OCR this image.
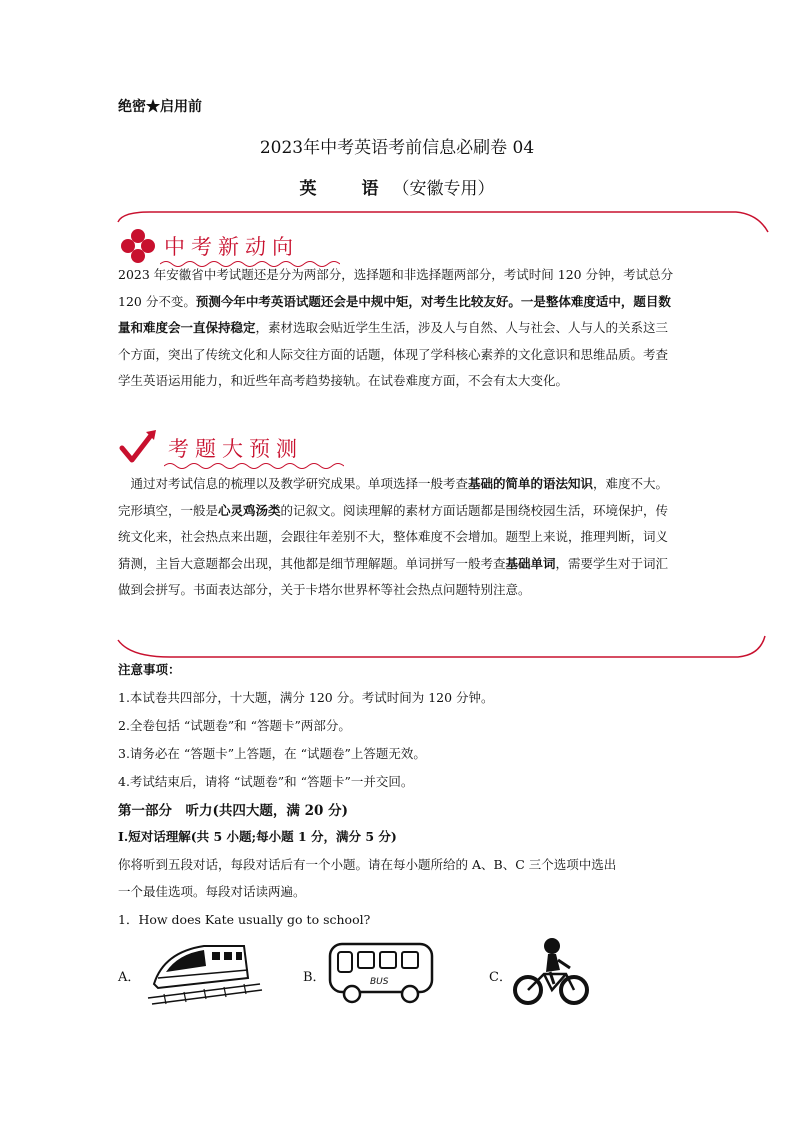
绝密★启用前
2023年中考英语考前信息必刷卷 04
英　语（安徽专用）
中考新动向
2023 年安徽省中考试题还是分为两部分，选择题和非选择题两部分，考试时间 120 分钟，考试总分 120 分不变。预测今年中考英语试题还会是中规中矩，对考生比较友好。一是整体难度适中，题目数量和难度会一直保持稳定，素材选取会贴近学生生活，涉及人与自然、人与社会、人与人的关系这三个方面，突出了传统文化和人际交往方面的话题，体现了学科核心素养的文化意识和思维品质。考查学生英语运用能力，和近些年高考趋势接轨。在试卷难度方面，不会有太大变化。
考题大预测
　通过对考试信息的梳理以及教学研究成果。单项选择一般考查基础的简单的语法知识，难度不大。完形填空，一般是心灵鸡汤类的记叙文。阅读理解的素材方面话题都是围绕校园生活，环境保护，传统文化来，社会热点来出题，会跟往年差别不大，整体难度不会增加。题型上来说，推理判断，词义猜测，主旨大意题都会出现，其他都是细节理解题。单词拼写一般考查基础单词，需要学生对于词汇做到会拼写。书面表达部分，关于卡塔尔世界杯等社会热点问题特别注意。
注意事项：
1.本试卷共四部分，十大题，满分 120 分。考试时间为 120 分钟。
2.全卷包括 “试题卷”和 “答题卡”两部分。
3.请务必在 “答题卡”上答题，在 “试题卷”上答题无效。
4.考试结束后，请将 “试题卷”和 “答题卡”一并交回。
第一部分　听力(共四大题，满 20 分)
Ⅰ.短对话理解(共 5 小题;每小题 1 分，满分 5 分)
你将听到五段对话，每段对话后有一个小题。请在每小题所给的 A、B、C 三个选项中选出
一个最佳选项。每段对话读两遍。
1．How does Kate usually go to school?
A．	B．	BUS	C．
